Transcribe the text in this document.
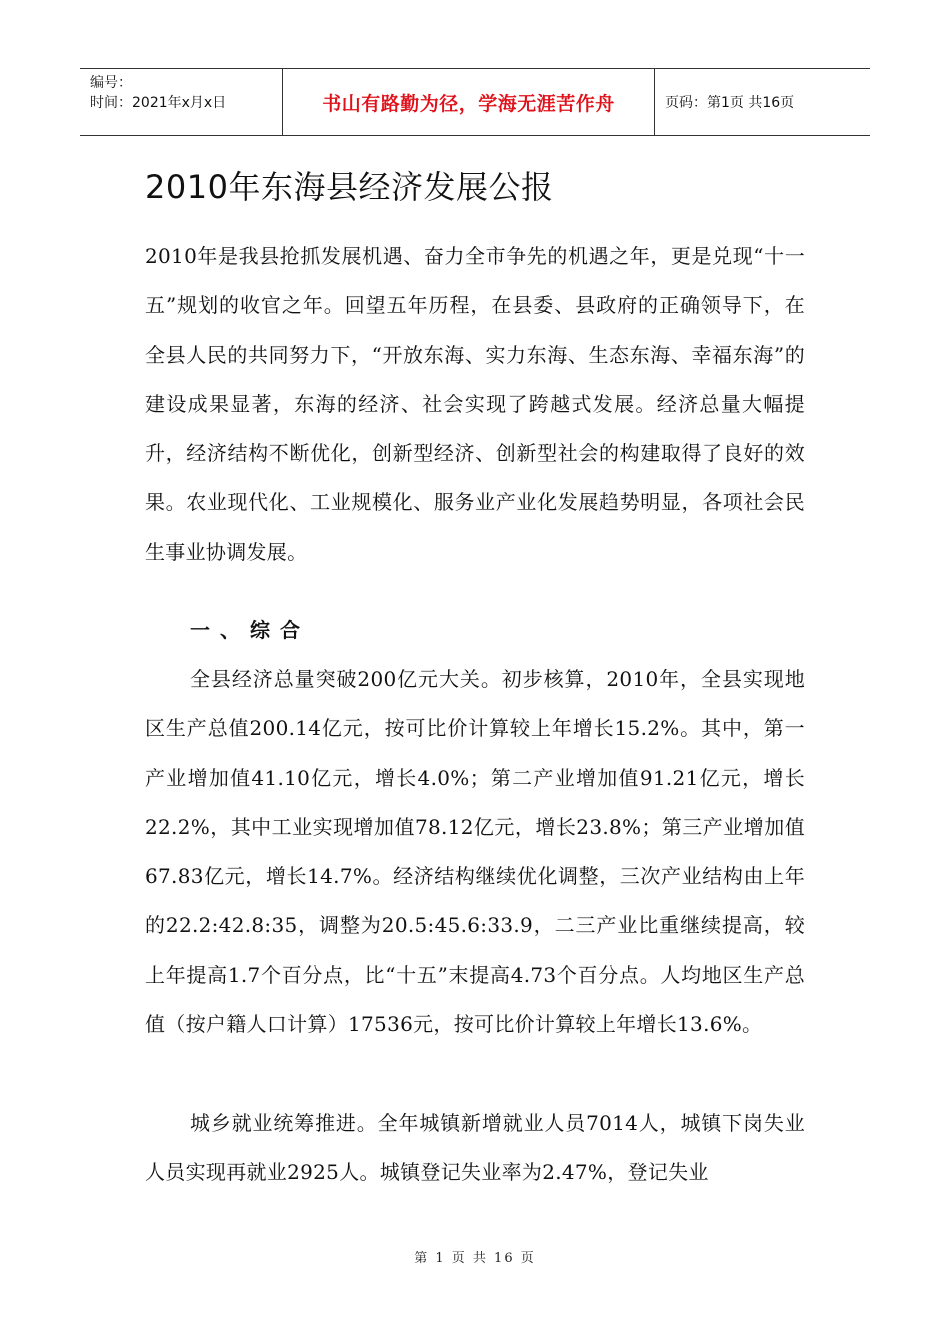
编号：
时间：2021年x月x日	书山有路勤为径，学海无涯苦作舟	页码：第1页 共16页
2010年东海县经济发展公报
2010年是我县抢抓发展机遇、奋力全市争先的机遇之年，更是兑现“十一五”规划的收官之年。回望五年历程，在县委、县政府的正确领导下，在全县人民的共同努力下，“开放东海、实力东海、生态东海、幸福东海”的建设成果显著，东海的经济、社会实现了跨越式发展。经济总量大幅提升，经济结构不断优化，创新型经济、创新型社会的构建取得了良好的效果。农业现代化、工业规模化、服务业产业化发展趋势明显，各项社会民生事业协调发展。
一、综合
全县经济总量突破200亿元大关。初步核算，2010年，全县实现地区生产总值200.14亿元，按可比价计算较上年增长15.2%。其中，第一产业增加值41.10亿元，增长4.0%；第二产业增加值91.21亿元，增长22.2%，其中工业实现增加值78.12亿元，增长23.8%；第三产业增加值67.83亿元，增长14.7%。经济结构继续优化调整，三次产业结构由上年的22.2:42.8:35，调整为20.5:45.6:33.9，二三产业比重继续提高，较上年提高1.7个百分点，比“十五”末提高4.73个百分点。人均地区生产总值（按户籍人口计算）17536元，按可比价计算较上年增长13.6%。
城乡就业统筹推进。全年城镇新增就业人员7014人，城镇下岗失业人员实现再就业2925人。城镇登记失业率为2.47%，登记失业
第 1 页 共 16 页
